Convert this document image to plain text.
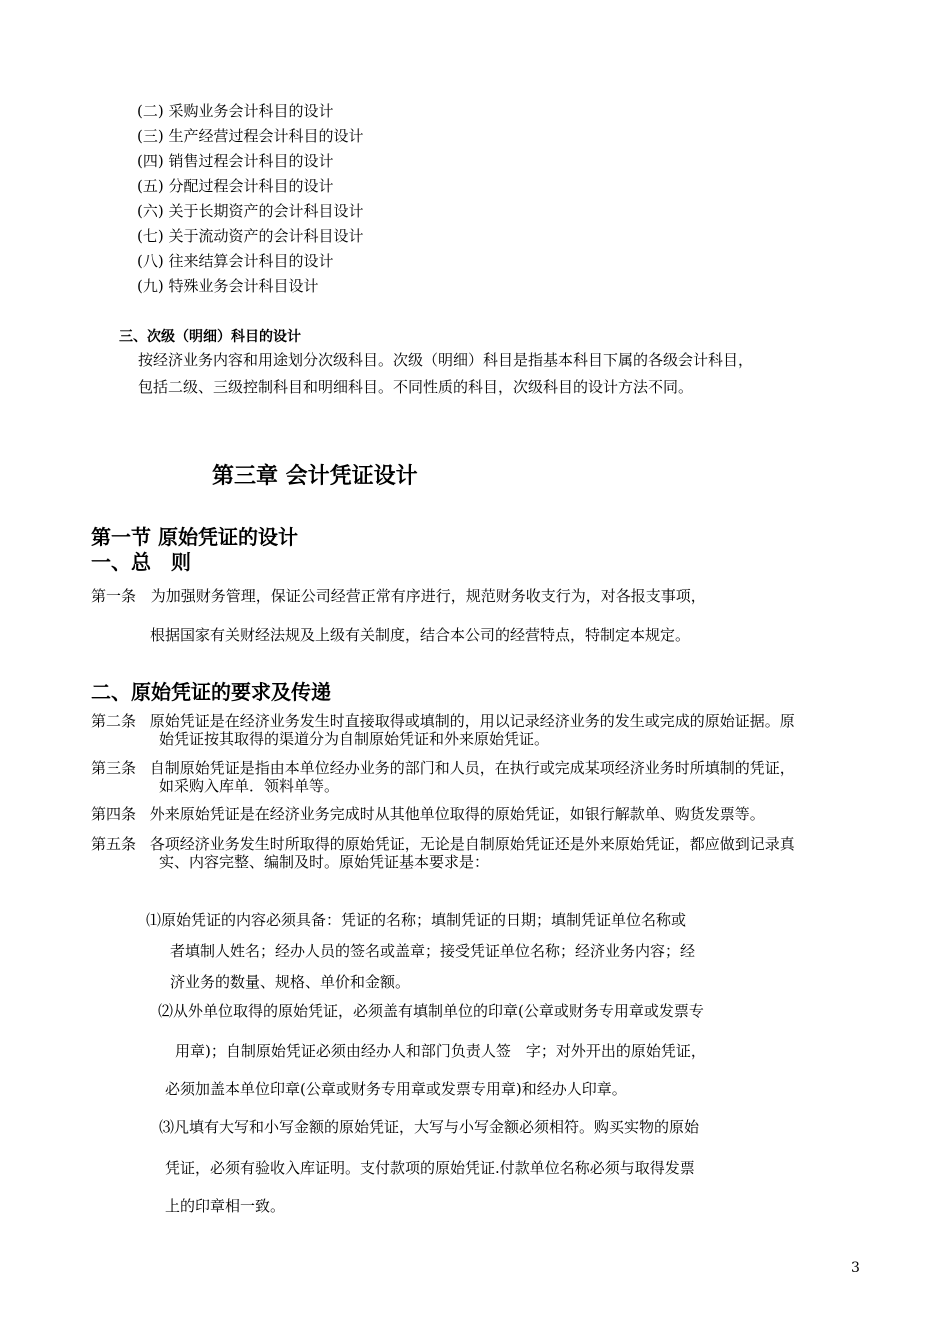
(二) 采购业务会计科目的设计
(三) 生产经营过程会计科目的设计
(四) 销售过程会计科目的设计
(五) 分配过程会计科目的设计
(六) 关于长期资产的会计科目设计
(七) 关于流动资产的会计科目设计
(八) 往来结算会计科目的设计
(九) 特殊业务会计科目设计
三、次级（明细）科目的设计
按经济业务内容和用途划分次级科目。次级（明细）科目是指基本科目下属的各级会计科目，
包括二级、三级控制科目和明细科目。不同性质的科目，次级科目的设计方法不同。
第三章 会计凭证设计
第一节 原始凭证的设计
一、总　则
第一条 为加强财务管理，保证公司经营正常有序进行，规范财务收支行为，对各报支事项，
根据国家有关财经法规及上级有关制度，结合本公司的经营特点，特制定本规定。
二、原始凭证的要求及传递
第二条 原始凭证是在经济业务发生时直接取得或填制的，用以记录经济业务的发生或完成的原始证据。原
始凭证按其取得的渠道分为自制原始凭证和外来原始凭证。
第三条 自制原始凭证是指由本单位经办业务的部门和人员，在执行或完成某项经济业务时所填制的凭证，
如采购入库单．领料单等。
第四条 外来原始凭证是在经济业务完成时从其他单位取得的原始凭证，如银行解款单、购货发票等。
第五条 各项经济业务发生时所取得的原始凭证，无论是自制原始凭证还是外来原始凭证，都应做到记录真
实、内容完整、编制及时。原始凭证基本要求是：
⑴原始凭证的内容必须具备：凭证的名称；填制凭证的日期；填制凭证单位名称或
者填制人姓名；经办人员的签名或盖章；接受凭证单位名称；经济业务内容；经
济业务的数量、规格、单价和金额。
⑵从外单位取得的原始凭证，必须盖有填制单位的印章(公章或财务专用章或发票专
用章)；自制原始凭证必须由经办人和部门负责人签　字；对外开出的原始凭证，
必须加盖本单位印章(公章或财务专用章或发票专用章)和经办人印章。
⑶凡填有大写和小写金额的原始凭证，大写与小写金额必须相符。购买实物的原始
凭证，必须有验收入库证明。支付款项的原始凭证.付款单位名称必须与取得发票
上的印章相一致。
3
